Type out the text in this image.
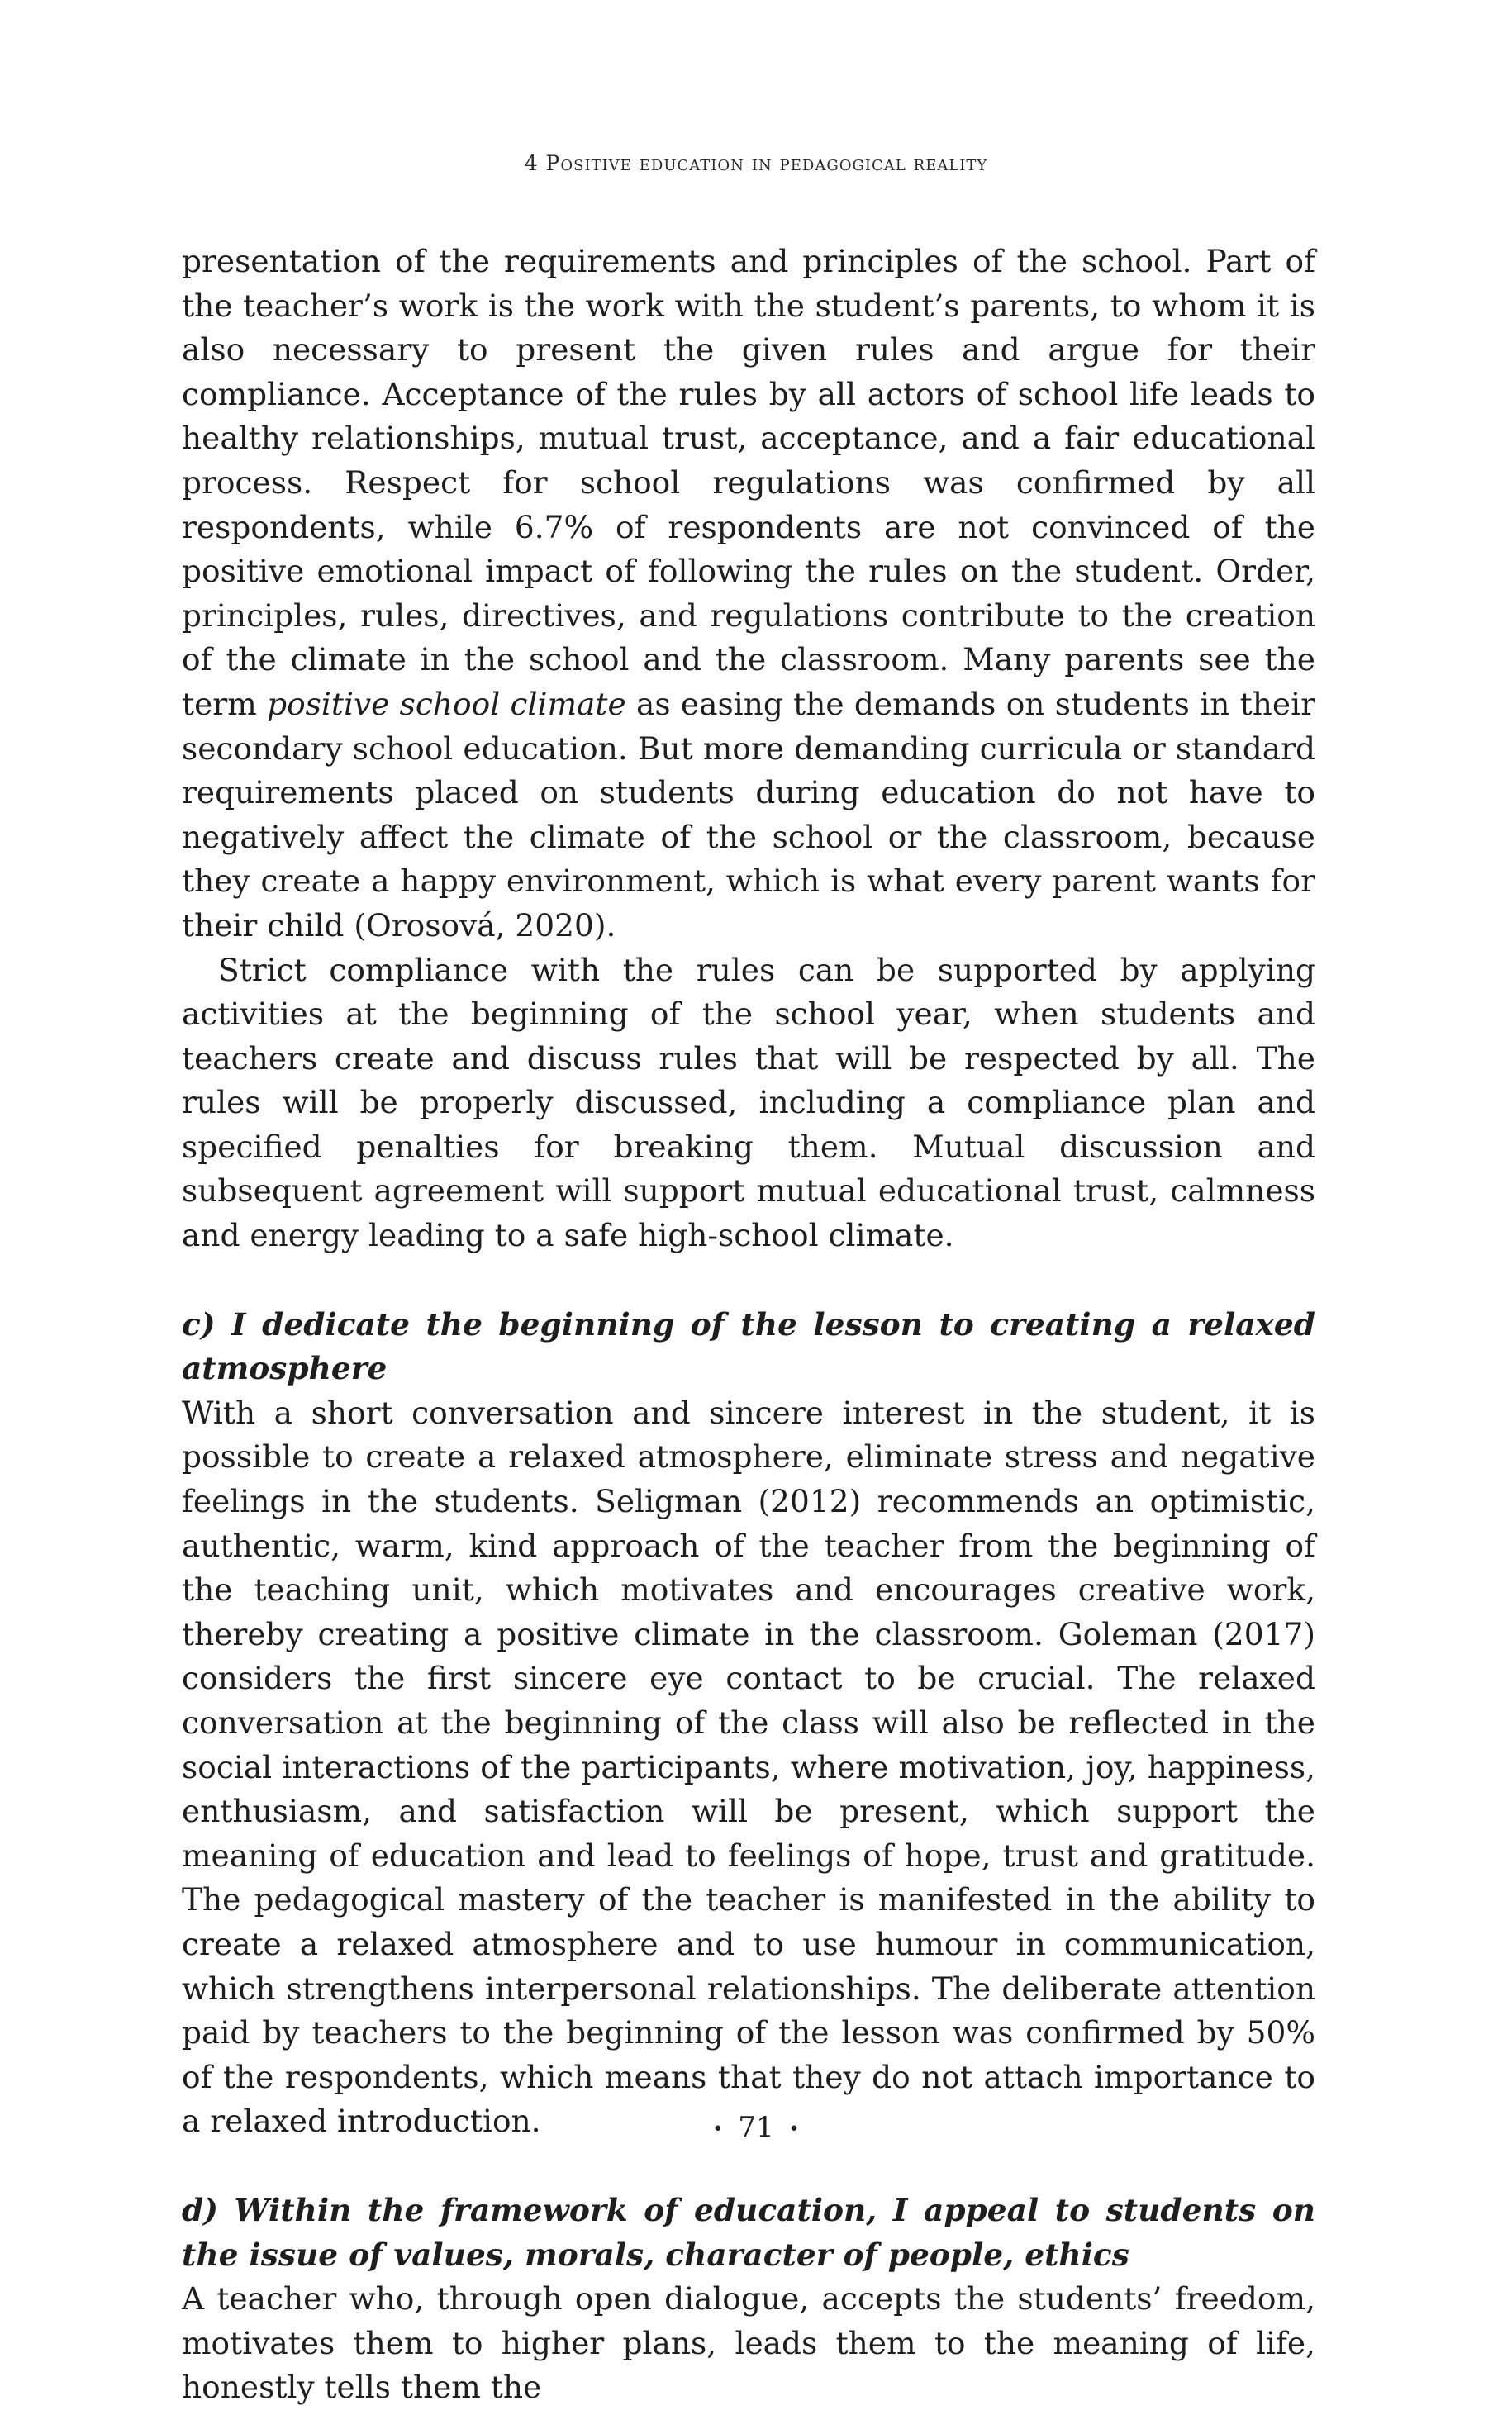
4 Positive education in pedagogical reality

presentation of the requirements and principles of the school. Part of the teacher’s work is the work with the student’s parents, to whom it is also necessary to present the given rules and argue for their compliance. Acceptance of the rules by all actors of school life leads to healthy relationships, mutual trust, acceptance, and a fair educational process. Respect for school regulations was confirmed by all respondents, while 6.7% of respondents are not convinced of the positive emotional impact of following the rules on the student. Order, principles, rules, directives, and regulations contribute to the creation of the climate in the school and the classroom. Many parents see the term positive school climate as easing the demands on students in their secondary school education. But more demanding curricula or standard requirements placed on students during education do not have to negatively affect the climate of the school or the classroom, because they create a happy environment, which is what every parent wants for their child (Orosová, 2020).

Strict compliance with the rules can be supported by applying activities at the beginning of the school year, when students and teachers create and discuss rules that will be respected by all. The rules will be properly discussed, including a compliance plan and specified penalties for breaking them. Mutual discussion and subsequent agreement will support mutual educational trust, calmness and energy leading to a safe high-school climate.

c) I dedicate the beginning of the lesson to creating a relaxed atmosphere

With a short conversation and sincere interest in the student, it is possible to create a relaxed atmosphere, eliminate stress and negative feelings in the students. Seligman (2012) recommends an optimistic, authentic, warm, kind approach of the teacher from the beginning of the teaching unit, which motivates and encourages creative work, thereby creating a positive climate in the classroom. Goleman (2017) considers the first sincere eye contact to be crucial. The relaxed conversation at the beginning of the class will also be reflected in the social interactions of the participants, where motivation, joy, happiness, enthusiasm, and satisfaction will be present, which support the meaning of education and lead to feelings of hope, trust and gratitude. The pedagogical mastery of the teacher is manifested in the ability to create a relaxed atmosphere and to use humour in communication, which strengthens interpersonal relationships. The deliberate attention paid by teachers to the beginning of the lesson was confirmed by 50% of the respondents, which means that they do not attach importance to a relaxed introduction.

d) Within the framework of education, I appeal to students on the issue of values, morals, character of people, ethics

A teacher who, through open dialogue, accepts the students’ freedom, motivates them to higher plans, leads them to the meaning of life, honestly tells them the

• 71 •
